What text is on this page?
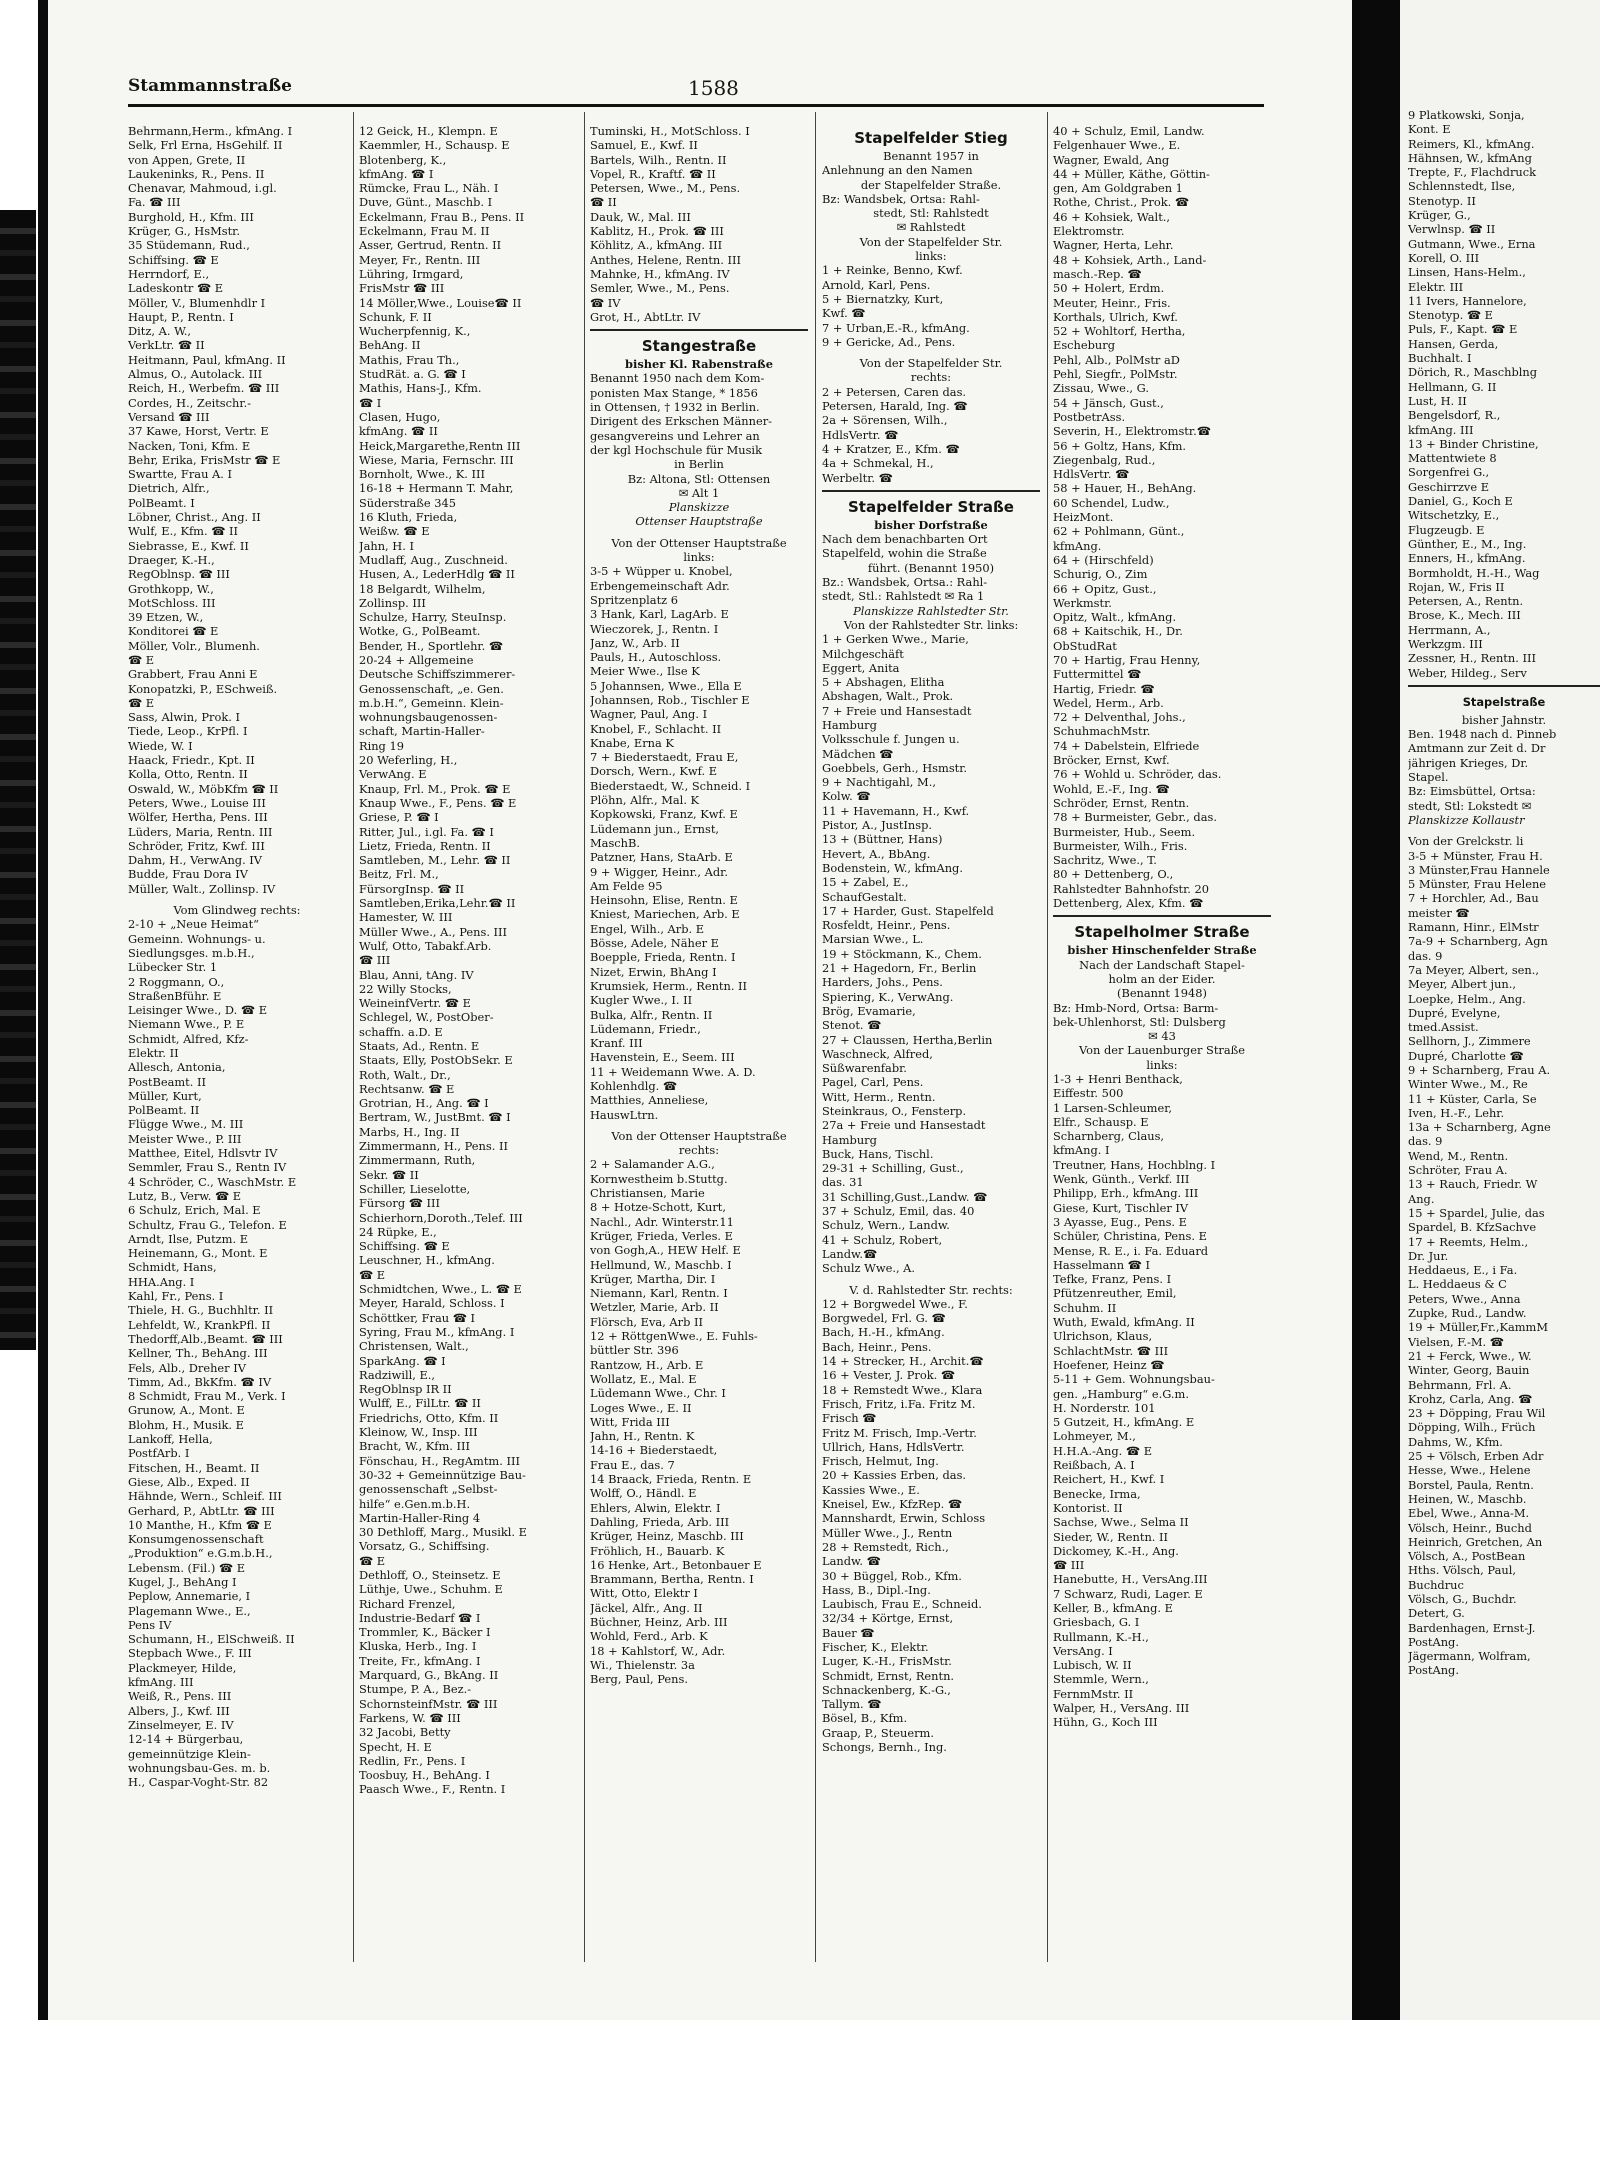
9 Platkowski, Sonja,
Kont. E
Reimers, Kl., kfmAng.
Hähnsen, W., kfmAng
Trepte, F., Flachdruck
Schlennstedt, Ilse,
Stenotyp. II
Krüger, G.,
Verwlnsp. ☎ II
Gutmann, Wwe., Erna
Korell, O. III
Linsen, Hans-Helm.,
Elektr. III
11 Ivers, Hannelore,
Stenotyp. ☎ E
Puls, F., Kapt. ☎ E
Hansen, Gerda,
Buchhalt. I
Dörich, R., Maschblng
Hellmann, G. II
Lust, H. II
Bengelsdorf, R.,
kfmAng. III
13 + Binder Christine,
Mattentwiete 8
Sorgenfrei G.,
Geschirrzve E
Daniel, G., Koch E
Witschetzky, E.,
Flugzeugb. E
Günther, E., M., Ing.
Enners, H., kfmAng.
Bormholdt, H.-H., Wag
Rojan, W., Fris II
Petersen, A., Rentn.
Brose, K., Mech. III
Herrmann, A.,
Werkzgm. III
Zessner, H., Rentn. III
Weber, Hildeg., Serv
Stapelstraße
bisher Jahnstr.
Ben. 1948 nach d. Pinneb
Amtmann zur Zeit d. Dr
jährigen Krieges, Dr.
Stapel.
Bz: Eimsbüttel, Ortsa:
stedt, Stl: Lokstedt ✉
Planskizze Kollaustr
Von der Grelckstr. li
3-5 + Münster, Frau H.
3 Münster,Frau Hannele
5 Münster, Frau Helene
7 + Horchler, Ad., Bau
meister ☎
Ramann, Hinr., ElMstr
7a-9 + Scharnberg, Agn
das. 9
7a Meyer, Albert, sen.,
Meyer, Albert jun.,
Loepke, Helm., Ang.
Dupré, Evelyne,
tmed.Assist.
Sellhorn, J., Zimmere
Dupré, Charlotte ☎
9 + Scharnberg, Frau A.
Winter Wwe., M., Re
11 + Küster, Carla, Se
Iven, H.-F., Lehr.
13a + Scharnberg, Agne
das. 9
Wend, M., Rentn.
Schröter, Frau A.
13 + Rauch, Friedr. W
Ang.
15 + Spardel, Julie, das
Spardel, B. KfzSachve
17 + Reemts, Helm.,
Dr. Jur.
Heddaeus, E., i Fa.
L. Heddaeus & C
Peters, Wwe., Anna
Zupke, Rud., Landw.
19 + Müller,Fr.,KammM
Vielsen, F.-M. ☎
21 + Ferck, Wwe., W.
Winter, Georg, Bauin
Behrmann, Frl. A.
Krohz, Carla, Ang. ☎
23 + Döpping, Frau Wil
Döpping, Wilh., Früch
Dahms, W., Kfm.
25 + Völsch, Erben Adr
Hesse, Wwe., Helene
Borstel, Paula, Rentn.
Heinen, W., Maschb.
Ebel, Wwe., Anna-M.
Völsch, Heinr., Buchd
Heinrich, Gretchen, An
Völsch, A., PostBean
Hths. Völsch, Paul,
Buchdruc
Völsch, G., Buchdr.
Detert, G.
Bardenhagen, Ernst-J.
PostAng.
Jägermann, Wolfram,
PostAng.
Stammannstraße	1588
Behrmann,Herm., kfmAng. I
Selk, Frl Erna, HsGehilf. II
von Appen, Grete, II
Laukeninks, R., Pens. II
Chenavar, Mahmoud, i.gl.
Fa. ☎ III
Burghold, H., Kfm. III
Krüger, G., HsMstr.
35 Stüdemann, Rud.,
Schiffsing. ☎ E
Herrndorf, E.,
Ladeskontr ☎ E
Möller, V., Blumenhdlr I
Haupt, P., Rentn. I
Ditz, A. W.,
VerkLtr. ☎ II
Heitmann, Paul, kfmAng. II
Almus, O., Autolack. III
Reich, H., Werbefm. ☎ III
Cordes, H., Zeitschr.-
Versand ☎ III
37 Kawe, Horst, Vertr. E
Nacken, Toni, Kfm. E
Behr, Erika, FrisMstr ☎ E
Swartte, Frau A. I
Dietrich, Alfr.,
PolBeamt. I
Löbner, Christ., Ang. II
Wulf, E., Kfm. ☎ II
Siebrasse, E., Kwf. II
Draeger, K.-H.,
RegOblnsp. ☎ III
Grothkopp, W.,
MotSchloss. III
39 Etzen, W.,
Konditorei ☎ E
Möller, Volr., Blumenh.
☎ E
Grabbert, Frau Anni E
Konopatzki, P., ESchweiß.
☎ E
Sass, Alwin, Prok. I
Tiede, Leop., KrPfl. I
Wiede, W. I
Haack, Friedr., Kpt. II
Kolla, Otto, Rentn. II
Oswald, W., MöbKfm ☎ II
Peters, Wwe., Louise III
Wölfer, Hertha, Pens. III
Lüders, Maria, Rentn. III
Schröder, Fritz, Kwf. III
Dahm, H., VerwAng. IV
Budde, Frau Dora IV
Müller, Walt., Zollinsp. IV
Vom Glindweg rechts:
2-10 + „Neue Heimat“
Gemeinn. Wohnungs- u.
Siedlungsges. m.b.H.,
Lübecker Str. 1
2 Roggmann, O.,
StraßenBführ. E
Leisinger Wwe., D. ☎ E
Niemann Wwe., P. E
Schmidt, Alfred, Kfz-
Elektr. II
Allesch, Antonia,
PostBeamt. II
Müller, Kurt,
PolBeamt. II
Flügge Wwe., M. III
Meister Wwe., P. III
Matthee, Eitel, Hdlsvtr IV
Semmler, Frau S., Rentn IV
4 Schröder, C., WaschMstr. E
Lutz, B., Verw. ☎ E
6 Schulz, Erich, Mal. E
Schultz, Frau G., Telefon. E
Arndt, Ilse, Putzm. E
Heinemann, G., Mont. E
Schmidt, Hans,
HHA.Ang. I
Kahl, Fr., Pens. I
Thiele, H. G., Buchhltr. II
Lehfeldt, W., KrankPfl. II
Thedorff,Alb.,Beamt. ☎ III
Kellner, Th., BehAng. III
Fels, Alb., Dreher IV
Timm, Ad., BkKfm. ☎ IV
8 Schmidt, Frau M., Verk. I
Grunow, A., Mont. E
Blohm, H., Musik. E
Lankoff, Hella,
PostfArb. I
Fitschen, H., Beamt. II
Giese, Alb., Exped. II
Hähnde, Wern., Schleif. III
Gerhard, P., AbtLtr. ☎ III
10 Manthe, H., Kfm ☎ E
Konsumgenossenschaft
„Produktion“ e.G.m.b.H.,
Lebensm. (Fil.) ☎ E
Kugel, J., BehAng I
Peplow, Annemarie, I
Plagemann Wwe., E.,
Pens IV
Schumann, H., ElSchweiß. II
Stepbach Wwe., F. III
Plackmeyer, Hilde,
kfmAng. III
Weiß, R., Pens. III
Albers, J., Kwf. III
Zinselmeyer, E. IV
12-14 + Bürgerbau,
gemeinnützige Klein-
wohnungsbau-Ges. m. b.
H., Caspar-Voght-Str. 82
12 Geick, H., Klempn. E
Kaemmler, H., Schausp. E
Blotenberg, K.,
kfmAng. ☎ I
Rümcke, Frau L., Näh. I
Duve, Günt., Maschb. I
Eckelmann, Frau B., Pens. II
Eckelmann, Frau M. II
Asser, Gertrud, Rentn. II
Meyer, Fr., Rentn. III
Lühring, Irmgard,
FrisMstr ☎ III
14 Möller,Wwe., Louise☎ II
Schunk, F. II
Wucherpfennig, K.,
BehAng. II
Mathis, Frau Th.,
StudRät. a. G. ☎ I
Mathis, Hans-J., Kfm.
☎ I
Clasen, Hugo,
kfmAng. ☎ II
Heick,Margarethe,Rentn III
Wiese, Maria, Fernschr. III
Bornholt, Wwe., K. III
16-18 + Hermann T. Mahr,
Süderstraße 345
16 Kluth, Frieda,
Weißw. ☎ E
Jahn, H. I
Mudlaff, Aug., Zuschneid.
Husen, A., LederHdlg ☎ II
18 Belgardt, Wilhelm,
Zollinsp. III
Schulze, Harry, SteuInsp.
Wotke, G., PolBeamt.
Bender, H., Sportlehr. ☎
20-24 + Allgemeine
Deutsche Schiffszimmerer-
Genossenschaft, „e. Gen.
m.b.H.“, Gemeinn. Klein-
wohnungsbaugenossen-
schaft, Martin-Haller-
Ring 19
20 Weferling, H.,
VerwAng. E
Knaup, Frl. M., Prok. ☎ E
Knaup Wwe., F., Pens. ☎ E
Griese, P. ☎ I
Ritter, Jul., i.gl. Fa. ☎ I
Lietz, Frieda, Rentn. II
Samtleben, M., Lehr. ☎ II
Beitz, Frl. M.,
FürsorgInsp. ☎ II
Samtleben,Erika,Lehr.☎ II
Hamester, W. III
Müller Wwe., A., Pens. III
Wulf, Otto, Tabakf.Arb.
☎ III
Blau, Anni, tAng. IV
22 Willy Stocks,
WeineinfVertr. ☎ E
Schlegel, W., PostOber-
schaffn. a.D. E
Staats, Ad., Rentn. E
Staats, Elly, PostObSekr. E
Roth, Walt., Dr.,
Rechtsanw. ☎ E
Grotrian, H., Ang. ☎ I
Bertram, W., JustBmt. ☎ I
Marbs, H., Ing. II
Zimmermann, H., Pens. II
Zimmermann, Ruth,
Sekr. ☎ II
Schiller, Lieselotte,
Fürsorg ☎ III
Schierhorn,Doroth.,Telef. III
24 Rüpke, E.,
Schiffsing. ☎ E
Leuschner, H., kfmAng.
☎ E
Schmidtchen, Wwe., L. ☎ E
Meyer, Harald, Schloss. I
Schöttker, Frau ☎ I
Syring, Frau M., kfmAng. I
Christensen, Walt.,
SparkAng. ☎ I
Radziwill, E.,
RegOblnsp IR II
Wulff, E., FilLtr. ☎ II
Friedrichs, Otto, Kfm. II
Kleinow, W., Insp. III
Bracht, W., Kfm. III
Fönschau, H., RegAmtm. III
30-32 + Gemeinnützige Bau-
genossenschaft „Selbst-
hilfe“ e.Gen.m.b.H.
Martin-Haller-Ring 4
30 Dethloff, Marg., Musikl. E
Vorsatz, G., Schiffsing.
☎ E
Dethloff, O., Steinsetz. E
Lüthje, Uwe., Schuhm. E
Richard Frenzel,
Industrie-Bedarf ☎ I
Trommler, K., Bäcker I
Kluska, Herb., Ing. I
Treite, Fr., kfmAng. I
Marquard, G., BkAng. II
Stumpe, P. A., Bez.-
SchornsteinfMstr. ☎ III
Farkens, W. ☎ III
32 Jacobi, Betty
Specht, H. E
Redlin, Fr., Pens. I
Toosbuy, H., BehAng. I
Paasch Wwe., F., Rentn. I
Tuminski, H., MotSchloss. I
Samuel, E., Kwf. II
Bartels, Wilh., Rentn. II
Vopel, R., Kraftf. ☎ II
Petersen, Wwe., M., Pens.
☎ II
Dauk, W., Mal. III
Kablitz, H., Prok. ☎ III
Köhlitz, A., kfmAng. III
Anthes, Helene, Rentn. III
Mahnke, H., kfmAng. IV
Semler, Wwe., M., Pens.
☎ IV
Grot, H., AbtLtr. IV
Stangestraße
bisher Kl. Rabenstraße
Benannt 1950 nach dem Kom-
ponisten Max Stange, * 1856
in Ottensen, † 1932 in Berlin.
Dirigent des Erkschen Männer-
gesangvereins und Lehrer an
der kgl Hochschule für Musik
in Berlin
Bz: Altona, Stl: Ottensen
✉ Alt 1
Planskizze
Ottenser Hauptstraße
Von der Ottenser Hauptstraße
links:
3-5 + Wüpper u. Knobel,
Erbengemeinschaft Adr.
Spritzenplatz 6
3 Hank, Karl, LagArb. E
Wieczorek, J., Rentn. I
Janz, W., Arb. II
Pauls, H., Autoschloss.
Meier Wwe., Ilse K
5 Johannsen, Wwe., Ella E
Johannsen, Rob., Tischler E
Wagner, Paul, Ang. I
Knobel, F., Schlacht. II
Knabe, Erna K
7 + Biederstaedt, Frau E,
Dorsch, Wern., Kwf. E
Biederstaedt, W., Schneid. I
Plöhn, Alfr., Mal. K
Kopkowski, Franz, Kwf. E
Lüdemann jun., Ernst,
MaschB.
Patzner, Hans, StaArb. E
9 + Wigger, Heinr., Adr.
Am Felde 95
Heinsohn, Elise, Rentn. E
Kniest, Mariechen, Arb. E
Engel, Wilh., Arb. E
Bösse, Adele, Näher E
Boepple, Frieda, Rentn. I
Nizet, Erwin, BhAng I
Krumsiek, Herm., Rentn. II
Kugler Wwe., I. II
Bulka, Alfr., Rentn. II
Lüdemann, Friedr.,
Kranf. III
Havenstein, E., Seem. III
11 + Weidemann Wwe. A. D.
Kohlenhdlg. ☎
Matthies, Anneliese,
HauswLtrn.
Von der Ottenser Hauptstraße
rechts:
2 + Salamander A.G.,
Kornwestheim b.Stuttg.
Christiansen, Marie
8 + Hotze-Schott, Kurt,
Nachl., Adr. Winterstr.11
Krüger, Frieda, Verles. E
von Gogh,A., HEW Helf. E
Hellmund, W., Maschb. I
Krüger, Martha, Dir. I
Niemann, Karl, Rentn. I
Wetzler, Marie, Arb. II
Flörsch, Eva, Arb II
12 + RöttgenWwe., E. Fuhls-
büttler Str. 396
Rantzow, H., Arb. E
Wollatz, E., Mal. E
Lüdemann Wwe., Chr. I
Loges Wwe., E. II
Witt, Frida III
Jahn, H., Rentn. K
14-16 + Biederstaedt,
Frau E., das. 7
14 Braack, Frieda, Rentn. E
Wolff, O., Händl. E
Ehlers, Alwin, Elektr. I
Dahling, Frieda, Arb. III
Krüger, Heinz, Maschb. III
Fröhlich, H., Bauarb. K
16 Henke, Art., Betonbauer E
Brammann, Bertha, Rentn. I
Witt, Otto, Elektr I
Jäckel, Alfr., Ang. II
Büchner, Heinz, Arb. III
Wohld, Ferd., Arb. K
18 + Kahlstorf, W., Adr.
Wi., Thielenstr. 3a
Berg, Paul, Pens.
Stapelfelder Stieg
Benannt 1957 in
Anlehnung an den Namen
der Stapelfelder Straße.
Bz: Wandsbek, Ortsa: Rahl-
stedt, Stl: Rahlstedt
✉ Rahlstedt
Von der Stapelfelder Str.
links:
1 + Reinke, Benno, Kwf.
Arnold, Karl, Pens.
5 + Biernatzky, Kurt,
Kwf. ☎
7 + Urban,E.-R., kfmAng.
9 + Gericke, Ad., Pens.
Von der Stapelfelder Str.
rechts:
2 + Petersen, Caren das.
Petersen, Harald, Ing. ☎
2a + Sörensen, Wilh.,
HdlsVertr. ☎
4 + Kratzer, E., Kfm. ☎
4a + Schmekal, H.,
Werbeltr. ☎
Stapelfelder Straße
bisher Dorfstraße
Nach dem benachbarten Ort
Stapelfeld, wohin die Straße
führt. (Benannt 1950)
Bz.: Wandsbek, Ortsa.: Rahl-
stedt, Stl.: Rahlstedt ✉ Ra 1
Planskizze Rahlstedter Str.
Von der Rahlstedter Str. links:
1 + Gerken Wwe., Marie,
Milchgeschäft
Eggert, Anita
5 + Abshagen, Elitha
Abshagen, Walt., Prok.
7 + Freie und Hansestadt
Hamburg
Volksschule f. Jungen u.
Mädchen ☎
Goebbels, Gerh., Hsmstr.
9 + Nachtigahl, M.,
Kolw. ☎
11 + Havemann, H., Kwf.
Pistor, A., JustInsp.
13 + (Büttner, Hans)
Hevert, A., BbAng.
Bodenstein, W., kfmAng.
15 + Zabel, E.,
SchaufGestalt.
17 + Harder, Gust. Stapelfeld
Rosfeldt, Heinr., Pens.
Marsian Wwe., L.
19 + Stöckmann, K., Chem.
21 + Hagedorn, Fr., Berlin
Harders, Johs., Pens.
Spiering, K., VerwAng.
Brög, Evamarie,
Stenot. ☎
27 + Claussen, Hertha,Berlin
Waschneck, Alfred,
Süßwarenfabr.
Pagel, Carl, Pens.
Witt, Herm., Rentn.
Steinkraus, O., Fensterp.
27a + Freie und Hansestadt
Hamburg
Buck, Hans, Tischl.
29-31 + Schilling, Gust.,
das. 31
31 Schilling,Gust.,Landw. ☎
37 + Schulz, Emil, das. 40
Schulz, Wern., Landw.
41 + Schulz, Robert,
Landw.☎
Schulz Wwe., A.
V. d. Rahlstedter Str. rechts:
12 + Borgwedel Wwe., F.
Borgwedel, Frl. G. ☎
Bach, H.-H., kfmAng.
Bach, Heinr., Pens.
14 + Strecker, H., Archit.☎
16 + Vester, J. Prok. ☎
18 + Remstedt Wwe., Klara
Frisch, Fritz, i.Fa. Fritz M.
Frisch ☎
Fritz M. Frisch, Imp.-Vertr.
Ullrich, Hans, HdlsVertr.
Frisch, Helmut, Ing.
20 + Kassies Erben, das.
Kassies Wwe., E.
Kneisel, Ew., KfzRep. ☎
Mannshardt, Erwin, Schloss
Müller Wwe., J., Rentn
28 + Remstedt, Rich.,
Landw. ☎
30 + Büggel, Rob., Kfm.
Hass, B., Dipl.-Ing.
Laubisch, Frau E., Schneid.
32/34 + Körtge, Ernst,
Bauer ☎
Fischer, K., Elektr.
Luger, K.-H., FrisMstr.
Schmidt, Ernst, Rentn.
Schnackenberg, K.-G.,
Tallym. ☎
Bösel, B., Kfm.
Graap, P., Steuerm.
Schongs, Bernh., Ing.
40 + Schulz, Emil, Landw.
Felgenhauer Wwe., E.
Wagner, Ewald, Ang
44 + Müller, Käthe, Göttin-
gen, Am Goldgraben 1
Rothe, Christ., Prok. ☎
46 + Kohsiek, Walt.,
Elektromstr.
Wagner, Herta, Lehr.
48 + Kohsiek, Arth., Land-
masch.-Rep. ☎
50 + Holert, Erdm.
Meuter, Heinr., Fris.
Korthals, Ulrich, Kwf.
52 + Wohltorf, Hertha,
Escheburg
Pehl, Alb., PolMstr aD
Pehl, Siegfr., PolMstr.
Zissau, Wwe., G.
54 + Jänsch, Gust.,
PostbetrAss.
Severin, H., Elektromstr.☎
56 + Goltz, Hans, Kfm.
Ziegenbalg, Rud.,
HdlsVertr. ☎
58 + Hauer, H., BehAng.
60 Schendel, Ludw.,
HeizMont.
62 + Pohlmann, Günt.,
kfmAng.
64 + (Hirschfeld)
Schurig, O., Zim
66 + Opitz, Gust.,
Werkmstr.
Opitz, Walt., kfmAng.
68 + Kaitschik, H., Dr.
ObStudRat
70 + Hartig, Frau Henny,
Futtermittel ☎
Hartig, Friedr. ☎
Wedel, Herm., Arb.
72 + Delventhal, Johs.,
SchuhmachMstr.
74 + Dabelstein, Elfriede
Bröcker, Ernst, Kwf.
76 + Wohld u. Schröder, das.
Wohld, E.-F., Ing. ☎
Schröder, Ernst, Rentn.
78 + Burmeister, Gebr., das.
Burmeister, Hub., Seem.
Burmeister, Wilh., Fris.
Sachritz, Wwe., T.
80 + Dettenberg, O.,
Rahlstedter Bahnhofstr. 20
Dettenberg, Alex, Kfm. ☎
Stapelholmer Straße
bisher Hinschenfelder Straße
Nach der Landschaft Stapel-
holm an der Eider.
(Benannt 1948)
Bz: Hmb-Nord, Ortsa: Barm-
bek-Uhlenhorst, Stl: Dulsberg
✉ 43
Von der Lauenburger Straße
links:
1-3 + Henri Benthack,
Eiffestr. 500
1 Larsen-Schleumer,
Elfr., Schausp. E
Scharnberg, Claus,
kfmAng. I
Treutner, Hans, Hochblng. I
Wenk, Günth., Verkf. III
Philipp, Erh., kfmAng. III
Giese, Kurt, Tischler IV
3 Ayasse, Eug., Pens. E
Schüler, Christina, Pens. E
Mense, R. E., i. Fa. Eduard
Hasselmann ☎ I
Tefke, Franz, Pens. I
Pfützenreuther, Emil,
Schuhm. II
Wuth, Ewald, kfmAng. II
Ulrichson, Klaus,
SchlachtMstr. ☎ III
Hoefener, Heinz ☎
5-11 + Gem. Wohnungsbau-
gen. „Hamburg“ e.G.m.
H. Norderstr. 101
5 Gutzeit, H., kfmAng. E
Lohmeyer, M.,
H.H.A.-Ang. ☎ E
Reißbach, A. I
Reichert, H., Kwf. I
Benecke, Irma,
Kontorist. II
Sachse, Wwe., Selma II
Sieder, W., Rentn. II
Dickomey, K.-H., Ang.
☎ III
Hanebutte, H., VersAng.III
7 Schwarz, Rudi, Lager. E
Keller, B., kfmAng. E
Griesbach, G. I
Rullmann, K.-H.,
VersAng. I
Lubisch, W. II
Stemmle, Wern.,
FernmMstr. II
Walper, H., VersAng. III
Hühn, G., Koch III
